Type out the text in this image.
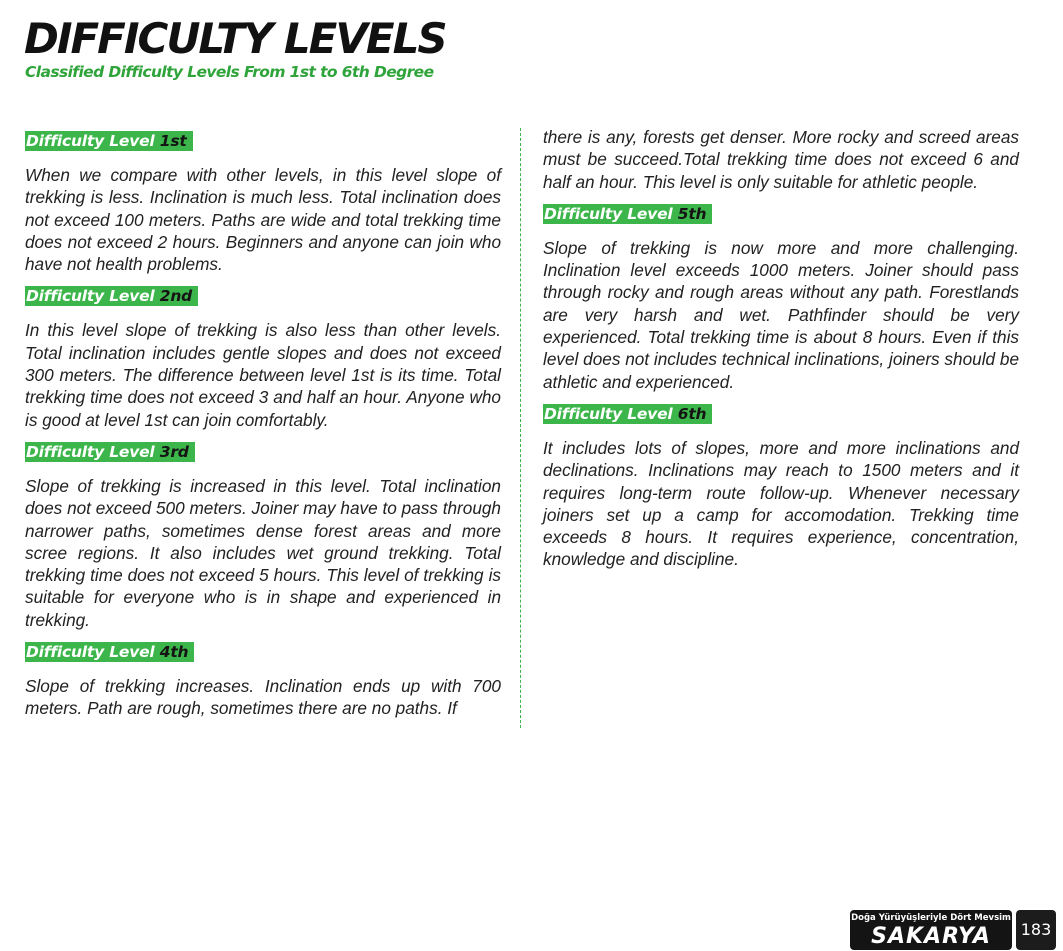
DIFFICULTY LEVELS
Classified Difficulty Levels From 1st to 6th Degree
Difficulty Level 1st

When we compare with other levels, in this level slope of trekking is less. Inclination is much less. Total inclination does not exceed 100 meters. Paths are wide and total trekking time does not exceed 2 hours. Beginners and anyone can join who have not health problems.

Difficulty Level 2nd

In this level slope of trekking is also less than other levels. Total inclination includes gentle slopes and does not exceed 300 meters. The difference between level 1st is its time. Total trekking time does not exceed 3 and half an hour. Anyone who is good at level 1st can join comfortably.

Difficulty Level 3rd

Slope of trekking is increased in this level. Total inclination does not exceed 500 meters. Joiner may have to pass through narrower paths, sometimes dense forest areas and more scree regions. It also includes wet ground trekking. Total trekking time does not exceed 5 hours. This level of trekking is suitable for everyone who is in shape and experienced in trekking.

Difficulty Level 4th

Slope of trekking increases. Inclination ends up with 700 meters. Path are rough, sometimes there are no paths. If

there is any, forests get denser. More rocky and screed areas must be succeed.Total trekking time does not exceed 6 and half an hour. This level is only suitable for athletic people.

Difficulty Level 5th

Slope of trekking is now more and more challenging. Inclination level exceeds 1000 meters. Joiner should pass through rocky and rough areas without any path. Forestlands are very harsh and wet. Pathfinder should be very experienced. Total trekking time is about 8 hours. Even if this level does not includes technical inclinations, joiners should be athletic and experienced.

Difficulty Level 6th

It includes lots of slopes, more and more inclinations and declinations. Inclinations may reach to 1500 meters and it requires long-term route follow-up. Whenever necessary joiners set up a camp for accomodation. Trekking time exceeds 8 hours. It requires experience, concentration, knowledge and discipline.

Doğa Yürüyüşleriyle Dört Mevsim
SAKARYA	183
